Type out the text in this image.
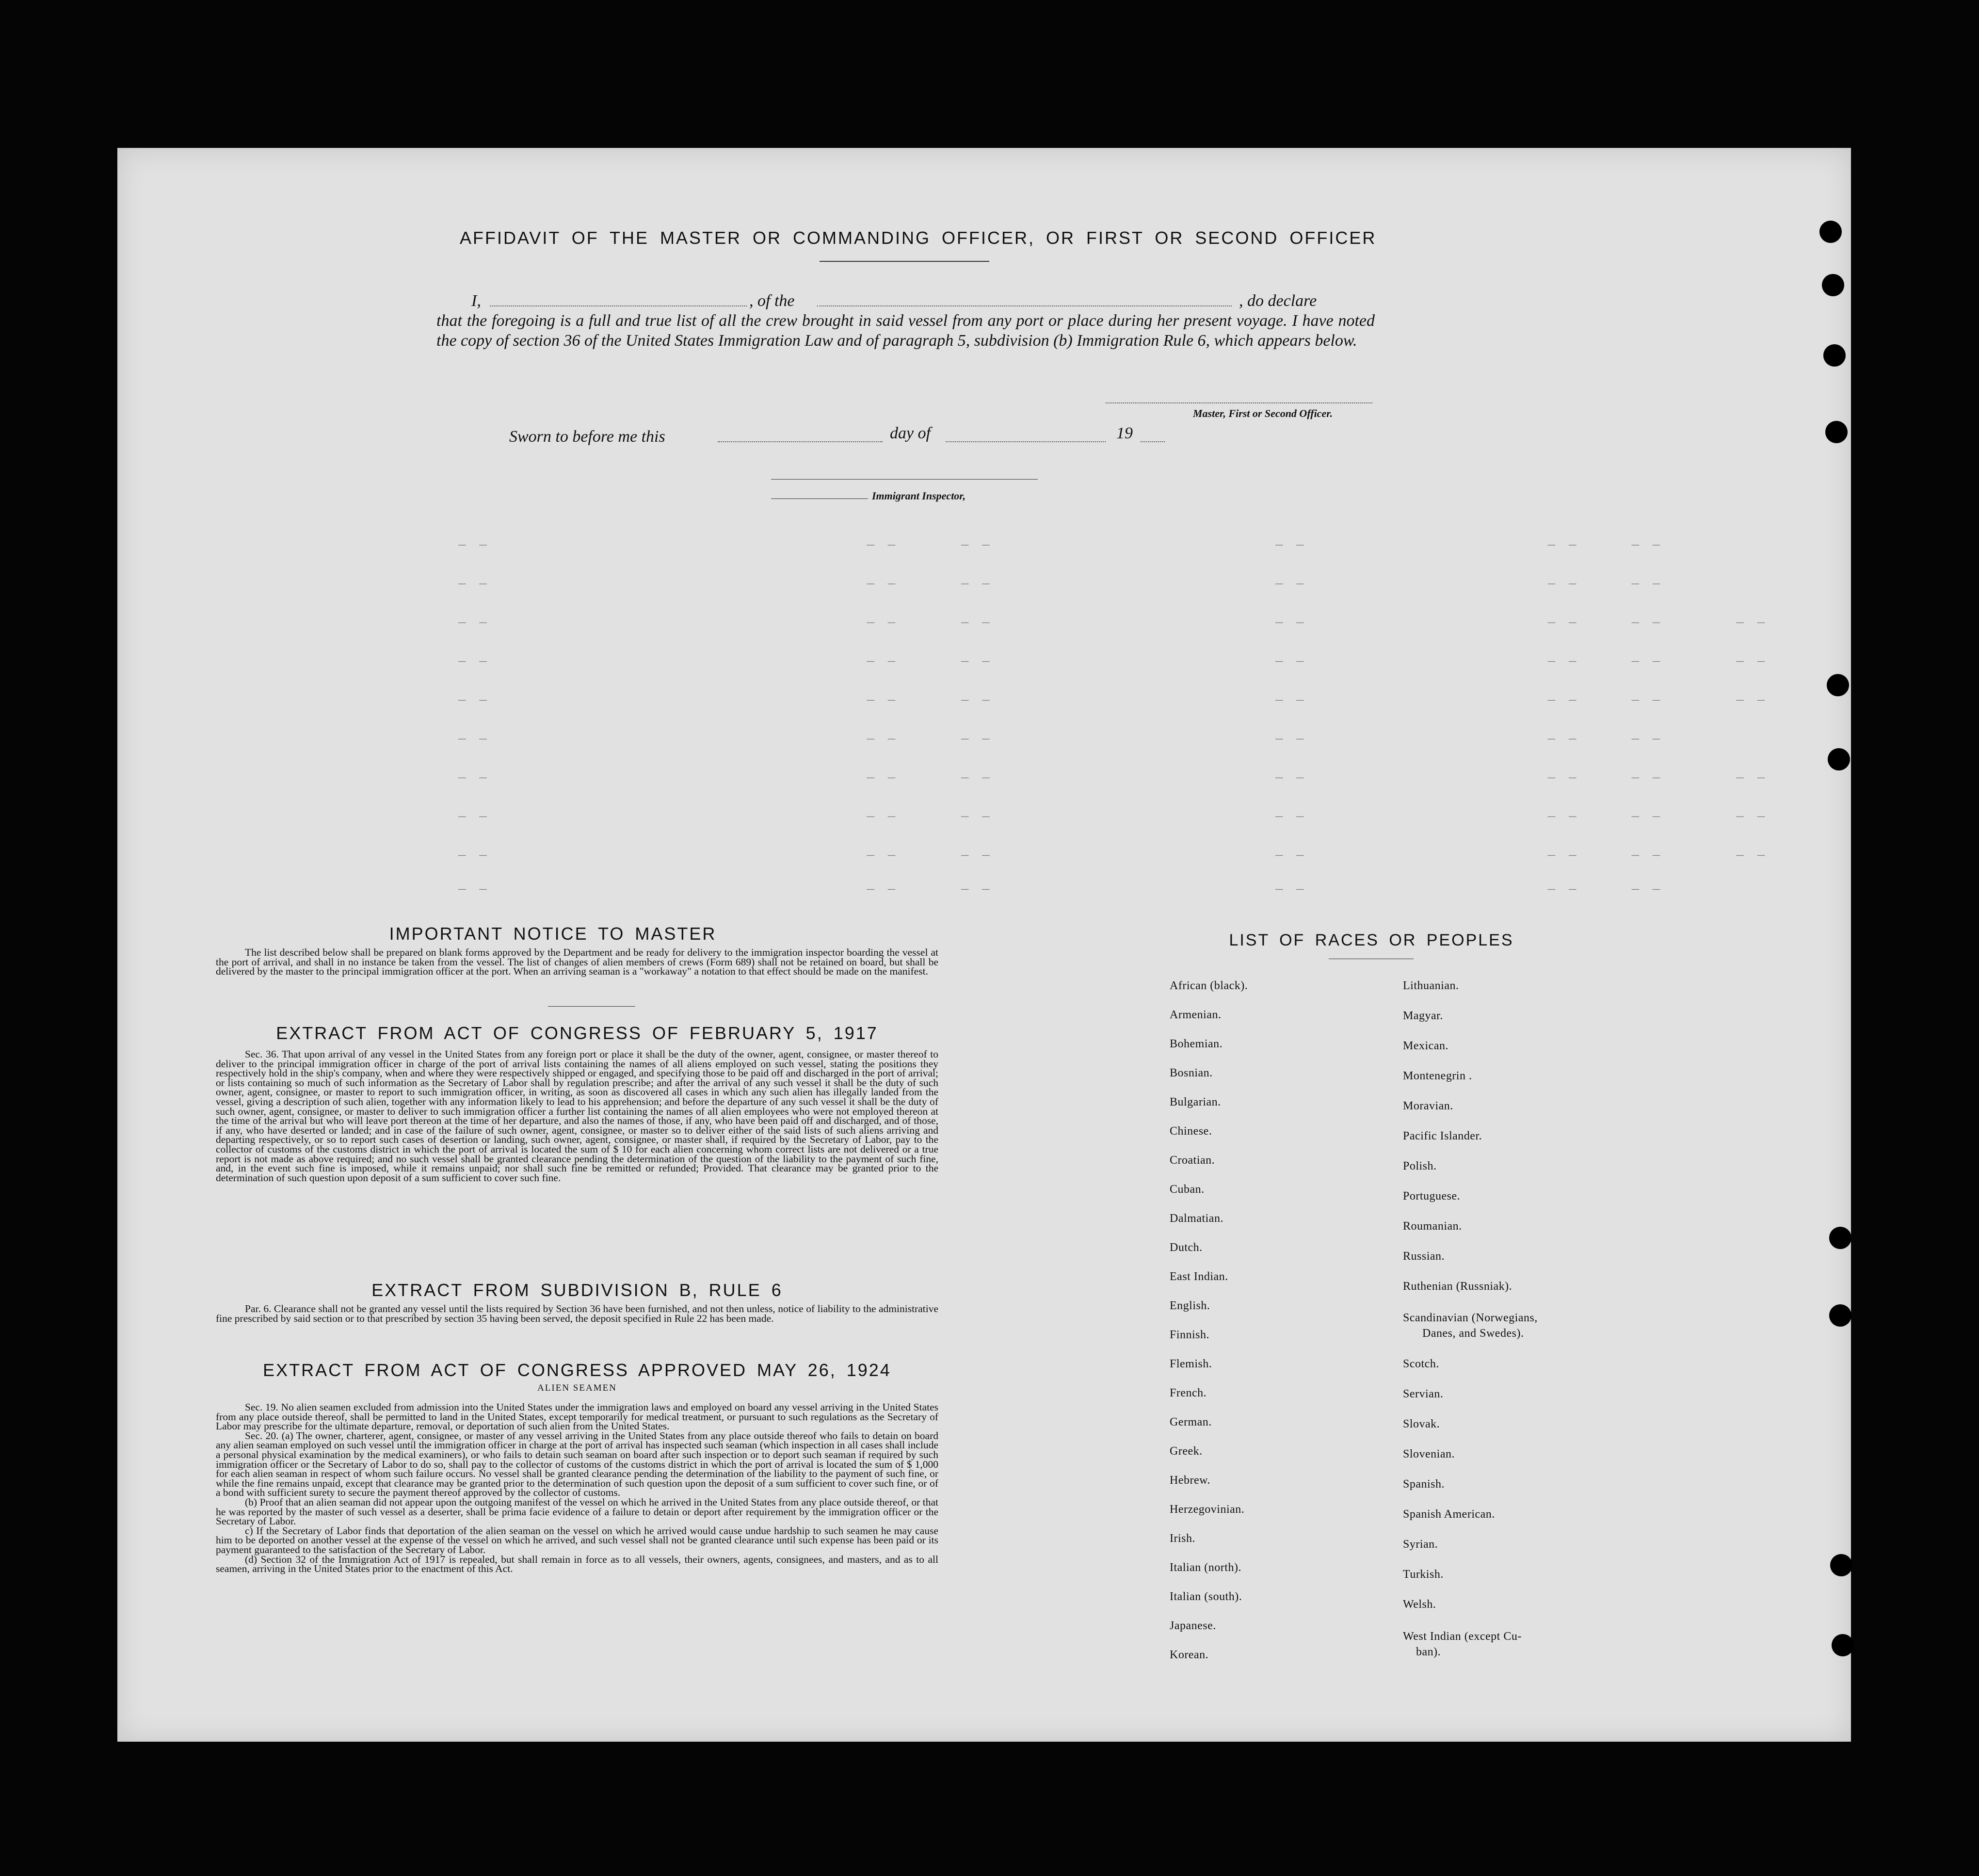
AFFIDAVIT OF THE MASTER OR COMMANDING OFFICER, OR FIRST OR SECOND OFFICER
I,	, of the	, do declare
that the foregoing is a full and true list of all the crew brought in said vessel from any port or place during her present voyage. I have noted the copy of section 36 of the United States Immigration Law and of paragraph 5, subdivision (b) Immigration Rule 6, which appears below.
Master, First or Second Officer.
Sworn to before me this	day of	19
Immigrant Inspector,
_ _                                    _ _      _ _                           _ _                       _ _     _ _
_ _                                    _ _      _ _                           _ _                       _ _     _ _
_ _                                    _ _      _ _                           _ _                       _ _     _ _       _ _
_ _                                    _ _      _ _                           _ _                       _ _     _ _       _ _
_ _                                    _ _      _ _                           _ _                       _ _     _ _       _ _
_ _                                    _ _      _ _                           _ _                       _ _     _ _
_ _                                    _ _      _ _                           _ _                       _ _     _ _       _ _
_ _                                    _ _      _ _                           _ _                       _ _     _ _       _ _
_ _                                    _ _      _ _                           _ _                       _ _     _ _       _ _
_ _                                    _ _      _ _                           _ _                       _ _     _ _
IMPORTANT NOTICE TO MASTER

The list described below shall be prepared on blank forms approved by the Department and be ready for delivery to the immigration inspector boarding the vessel at the port of arrival, and shall in no instance be taken from the vessel. The list of changes of alien members of crews (Form 689) shall not be retained on board, but shall be delivered by the master to the principal immigration officer at the port. When an arriving seaman is a "workaway" a notation to that effect should be made on the manifest.

EXTRACT FROM ACT OF CONGRESS OF FEBRUARY 5, 1917

Sec. 36. That upon arrival of any vessel in the United States from any foreign port or place it shall be the duty of the owner, agent, consignee, or master thereof to deliver to the principal immigration officer in charge of the port of arrival lists containing the names of all aliens employed on such vessel, stating the positions they respectively hold in the ship's company, when and where they were respectively shipped or engaged, and specifying those to be paid off and discharged in the port of arrival; or lists containing so much of such information as the Secretary of Labor shall by regulation prescribe; and after the arrival of any such vessel it shall be the duty of such owner, agent, consignee, or master to report to such immigration officer, in writing, as soon as discovered all cases in which any such alien has illegally landed from the vessel, giving a description of such alien, together with any information likely to lead to his apprehension; and before the departure of any such vessel it shall be the duty of such owner, agent, consignee, or master to deliver to such immigration officer a further list containing the names of all alien employees who were not employed thereon at the time of the arrival but who will leave port thereon at the time of her departure, and also the names of those, if any, who have been paid off and discharged, and of those, if any, who have deserted or landed; and in case of the failure of such owner, agent, consignee, or master so to deliver either of the said lists of such aliens arriving and departing respectively, or so to report such cases of desertion or landing, such owner, agent, consignee, or master shall, if required by the Secretary of Labor, pay to the collector of customs of the customs district in which the port of arrival is located the sum of $ 10 for each alien concerning whom correct lists are not delivered or a true report is not made as above required; and no such vessel shall be granted clearance pending the determination of the question of the liability to the payment of such fine, and, in the event such fine is imposed, while it remains unpaid; nor shall such fine be remitted or refunded; Provided. That clearance may be granted prior to the determination of such question upon deposit of a sum sufficient to cover such fine.

EXTRACT FROM SUBDIVISION B, RULE 6

Par. 6. Clearance shall not be granted any vessel until the lists required by Section 36 have been furnished, and not then unless, notice of liability to the administrative fine prescribed by said section or to that prescribed by section 35 having been served, the deposit specified in Rule 22 has been made.

EXTRACT FROM ACT OF CONGRESS APPROVED MAY 26, 1924
ALIEN SEAMEN

Sec. 19. No alien seamen excluded from admission into the United States under the immigration laws and employed on board any vessel arriving in the United States from any place outside thereof, shall be permitted to land in the United States, except temporarily for medical treatment, or pursuant to such regulations as the Secretary of Labor may prescribe for the ultimate departure, removal, or deportation of such alien from the United States.

Sec. 20. (a) The owner, charterer, agent, consignee, or master of any vessel arriving in the United States from any place outside thereof who fails to detain on board any alien seaman employed on such vessel until the immigration officer in charge at the port of arrival has inspected such seaman (which inspection in all cases shall include a personal physical examination by the medical examiners), or who fails to detain such seaman on board after such inspection or to deport such seaman if required by such immigration officer or the Secretary of Labor to do so, shall pay to the collector of customs of the customs district in which the port of arrival is located the sum of $ 1,000 for each alien seaman in respect of whom such failure occurs. No vessel shall be granted clearance pending the determination of the liability to the payment of such fine, or while the fine remains unpaid, except that clearance may be granted prior to the determination of such question upon the deposit of a sum sufficient to cover such fine, or of a bond with sufficient surety to secure the payment thereof approved by the collector of customs.

(b) Proof that an alien seaman did not appear upon the outgoing manifest of the vessel on which he arrived in the United States from any place outside thereof, or that he was reported by the master of such vessel as a deserter, shall be prima facie evidence of a failure to detain or deport after requirement by the immigration officer or the Secretary of Labor.

c) If the Secretary of Labor finds that deportation of the alien seaman on the vessel on which he arrived would cause undue hardship to such seamen he may cause him to be deported on another vessel at the expense of the vessel on which he arrived, and such vessel shall not be granted clearance until such expense has been paid or its payment guaranteed to the satisfaction of the Secretary of Labor.

(d) Section 32 of the Immigration Act of 1917 is repealed, but shall remain in force as to all vessels, their owners, agents, consignees, and masters, and as to all seamen, arriving in the United States prior to the enactment of this Act.

LIST OF RACES OR PEOPLES
African (black).
Armenian.
Bohemian.
Bosnian.
Bulgarian.
Chinese.
Croatian.
Cuban.
Dalmatian.
Dutch.
East Indian.
English.
Finnish.
Flemish.
French.
German.
Greek.
Hebrew.
Herzegovinian.
Irish.
Italian (north).
Italian (south).
Japanese.
Korean.
Lithuanian.
Magyar.
Mexican.
Montenegrin .
Moravian.
Pacific Islander.
Polish.
Portuguese.
Roumanian.
Russian.
Ruthenian (Russniak).
Scandinavian (Norwegians,
Danes, and Swedes).
Scotch.
Servian.
Slovak.
Slovenian.
Spanish.
Spanish American.
Syrian.
Turkish.
Welsh.
West Indian (except Cu-
ban).
